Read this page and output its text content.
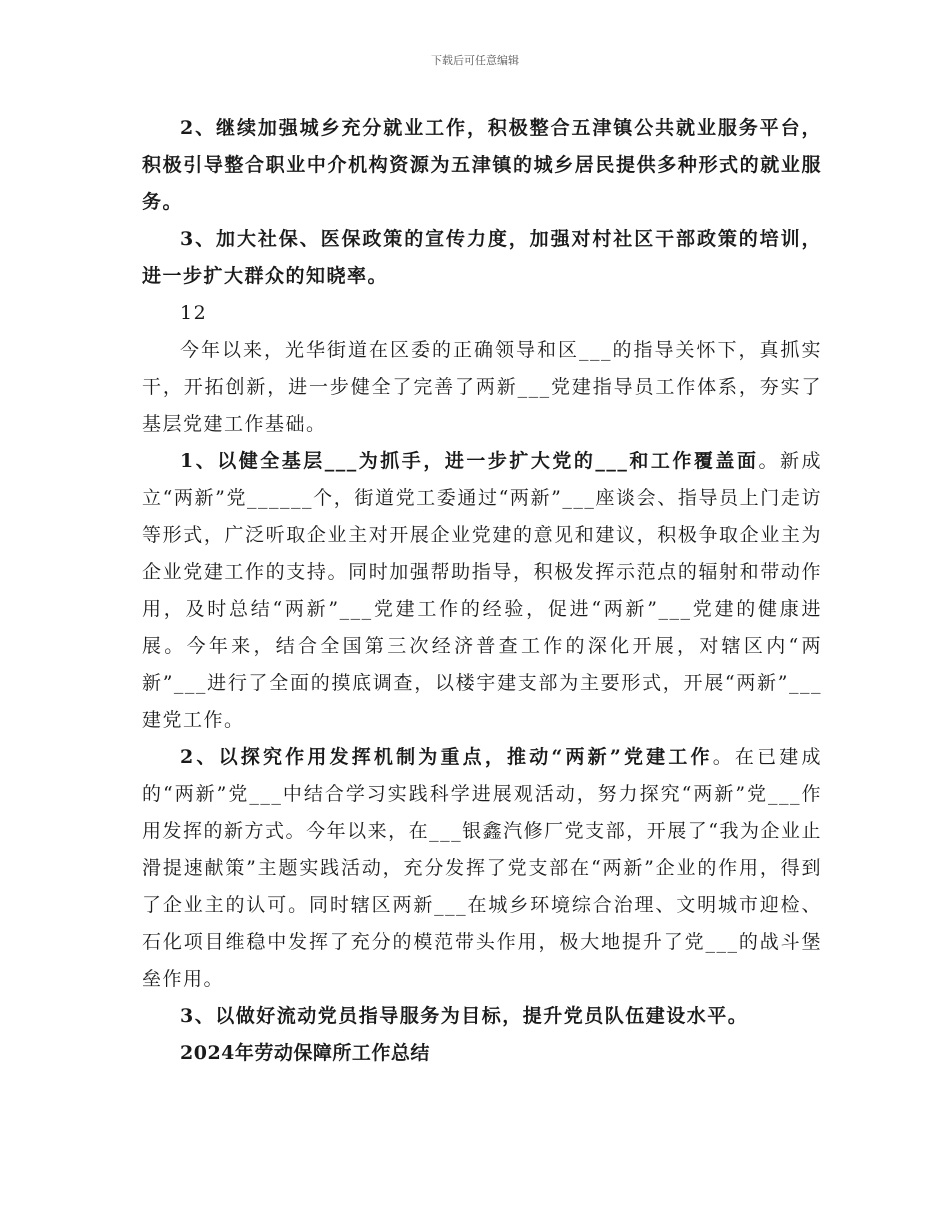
下载后可任意编辑

2、继续加强城乡充分就业工作，积极整合五津镇公共就业服务平台，积极引导整合职业中介机构资源为五津镇的城乡居民提供多种形式的就业服务。

3、加大社保、医保政策的宣传力度，加强对村社区干部政策的培训，进一步扩大群众的知晓率。

12

今年以来，光华街道在区委的正确领导和区___的指导关怀下，真抓实干，开拓创新，进一步健全了完善了两新___党建指导员工作体系，夯实了基层党建工作基础。

1、以健全基层___为抓手，进一步扩大党的___和工作覆盖面。新成立“两新”党______个，街道党工委通过“两新”___座谈会、指导员上门走访等形式，广泛听取企业主对开展企业党建的意见和建议，积极争取企业主为企业党建工作的支持。同时加强帮助指导，积极发挥示范点的辐射和带动作用，及时总结“两新”___党建工作的经验，促进“两新”___党建的健康进展。今年来，结合全国第三次经济普查工作的深化开展，对辖区内“两新”___进行了全面的摸底调查，以楼宇建支部为主要形式，开展“两新”___建党工作。

2、以探究作用发挥机制为重点，推动“两新”党建工作。在已建成的“两新”党___中结合学习实践科学进展观活动，努力探究“两新”党___作用发挥的新方式。今年以来，在___银鑫汽修厂党支部，开展了“我为企业止滑提速献策”主题实践活动，充分发挥了党支部在“两新”企业的作用，得到了企业主的认可。同时辖区两新___在城乡环境综合治理、文明城市迎检、石化项目维稳中发挥了充分的模范带头作用，极大地提升了党___的战斗堡垒作用。

3、以做好流动党员指导服务为目标，提升党员队伍建设水平。

2024年劳动保障所工作总结
